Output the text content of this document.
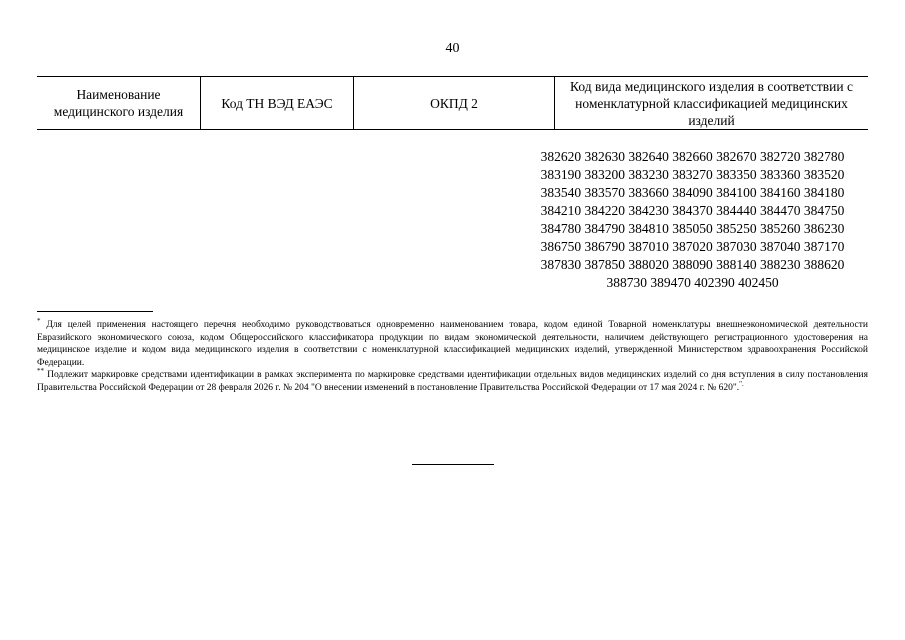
40
Наименование медицинского изделия
Код ТН ВЭД ЕАЭС	ОКПД 2
Код вида медицинского изделия в соответствии с номенклатурной классификацией медицинских изделий
382620 382630 382640 382660 382670 382720 382780
383190 383200 383230 383270 383350 383360 383520
383540 383570 383660 384090 384100 384160 384180
384210 384220 384230 384370 384440 384470 384750
384780 384790 384810 385050 385250 385260 386230
386750 386790 387010 387020 387030 387040 387170
387830 387850 388020 388090 388140 388230 388620
388730 389470 402390 402450

* Для целей применения настоящего перечня необходимо руководствоваться одновременно наименованием товара, кодом единой Товарной номенклатуры внешнеэкономической деятельности Евразийского экономического союза, кодом Общероссийского классификатора продукции по видам экономической деятельности, наличием действующего регистрационного удостоверения на медицинское изделие и кодом вида медицинского изделия в соответствии с номенклатурной классификацией медицинских изделий, утвержденной Министерством здравоохранения Российской Федерации.

** Подлежит маркировке средствами идентификации в рамках эксперимента по маркировке средствами идентификации отдельных видов медицинских изделий со дня вступления в силу постановления Правительства Российской Федерации от 28 февраля 2026 г. № 204 "О внесении изменений в постановление Правительства Российской Федерации от 17 мая 2024 г. № 620".".
